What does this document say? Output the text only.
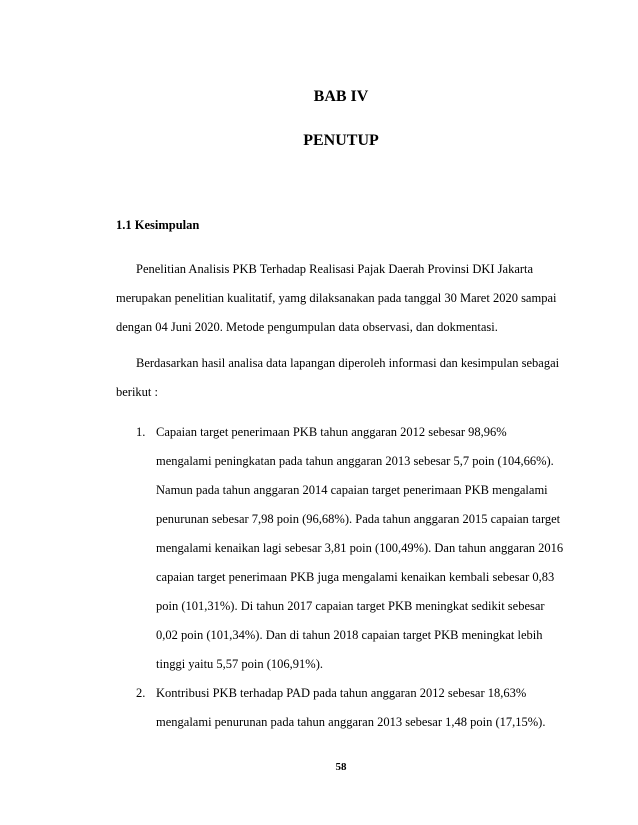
BAB IV
PENUTUP
1.1 Kesimpulan
Penelitian Analisis PKB Terhadap Realisasi Pajak Daerah Provinsi DKI Jakarta
merupakan penelitian kualitatif, yamg dilaksanakan pada tanggal 30 Maret 2020 sampai
dengan 04 Juni 2020. Metode pengumpulan data observasi, dan dokmentasi.
Berdasarkan hasil analisa data lapangan diperoleh informasi dan kesimpulan sebagai
berikut :
1. Capaian target penerimaan PKB tahun anggaran 2012 sebesar 98,96%
mengalami peningkatan pada tahun anggaran 2013 sebesar 5,7 poin (104,66%).
Namun pada tahun anggaran 2014 capaian target penerimaan PKB mengalami
penurunan sebesar 7,98 poin (96,68%). Pada tahun anggaran 2015 capaian target
mengalami kenaikan lagi sebesar 3,81 poin (100,49%). Dan tahun anggaran 2016
capaian target penerimaan PKB juga mengalami kenaikan kembali sebesar 0,83
poin (101,31%). Di tahun 2017 capaian target PKB meningkat sedikit sebesar
0,02 poin (101,34%). Dan di tahun 2018 capaian target PKB meningkat lebih
tinggi yaitu 5,57 poin (106,91%).
2. Kontribusi PKB terhadap PAD pada tahun anggaran 2012 sebesar 18,63%
mengalami penurunan pada tahun anggaran 2013 sebesar 1,48 poin (17,15%).
58
